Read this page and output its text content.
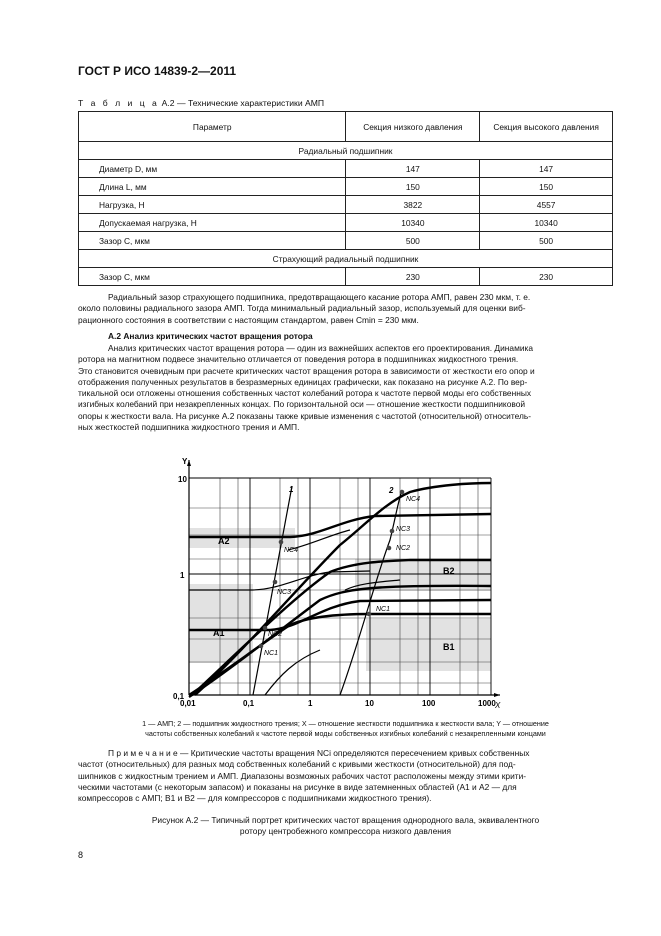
ГОСТ Р ИСО 14839-2—2011
Т а б л и ц а А.2 — Технические характеристики АМП
Параметр	Секция низкого давления	Секция высокого давления
Радиальный подшипник		
Диаметр D, мм	147	147
Длина L, мм	150	150
Нагрузка, Н	3822	4557
Допускаемая нагрузка, Н	10340	10340
Зазор C, мкм	500	500
Страхующий радиальный подшипник		
Зазор C, мкм	230	230
Радиальный зазор страхующего подшипника, предотвращающего касание ротора АМП, равен 230 мкм, т. е.
около половины радиального зазора АМП. Тогда минимальный радиальный зазор, используемый для оценки виб-
рационного состояния в соответствии с настоящим стандартом, равен Cmin = 230 мкм.
А.2 Анализ критических частот вращения ротора
Анализ критических частот вращения ротора — один из важнейших аспектов его проектирования. Динамика
ротора на магнитном подвесе значительно отличается от поведения ротора в подшипниках жидкостного трения.
Это становится очевидным при расчете критических частот вращения ротора в зависимости от жесткости его опор и
отображения полученных результатов в безразмерных единицах графически, как показано на рисунке А.2. По вер-
тикальной оси отложены отношения собственных частот колебаний ротора к частоте первой моды его собственных
изгибных колебаний при незакрепленных концах. По горизонтальной оси — отношение жесткости подшипниковой
опоры к жесткости вала. На рисунке А.2 показаны также кривые изменения с частотой (относительной) относитель-
ных жесткостей подшипника жидкостного трения и АМП.
10
1
0,1
Y
X
0,01	0,1	1	10	100	1000
A2
A1
B2
B1
1	2
NC4
NC3
NC2
NC1
NC4
NC3
NC2
NC1
1 — АМП; 2 — подшипник жидкостного трения; X — отношение жесткости подшипника к жесткости вала; Y — отношение
частоты собственных колебаний к частоте первой моды собственных изгибных колебаний с незакрепленными концами
П р и м е ч а н и е — Критические частоты вращения NCi определяются пересечением кривых собственных
частот (относительных) для разных мод собственных колебаний с кривыми жесткости (относительной) для под-
шипников с жидкостным трением и АМП. Диапазоны возможных рабочих частот расположены между этими крити-
ческими частотами (с некоторым запасом) и показаны на рисунке в виде затемненных областей (A1 и A2 — для
компрессоров с АМП; B1 и B2 — для компрессоров с подшипниками жидкостного трения).
Рисунок А.2 — Типичный портрет критических частот вращения однородного вала, эквивалентного
ротору центробежного компрессора низкого давления
8
